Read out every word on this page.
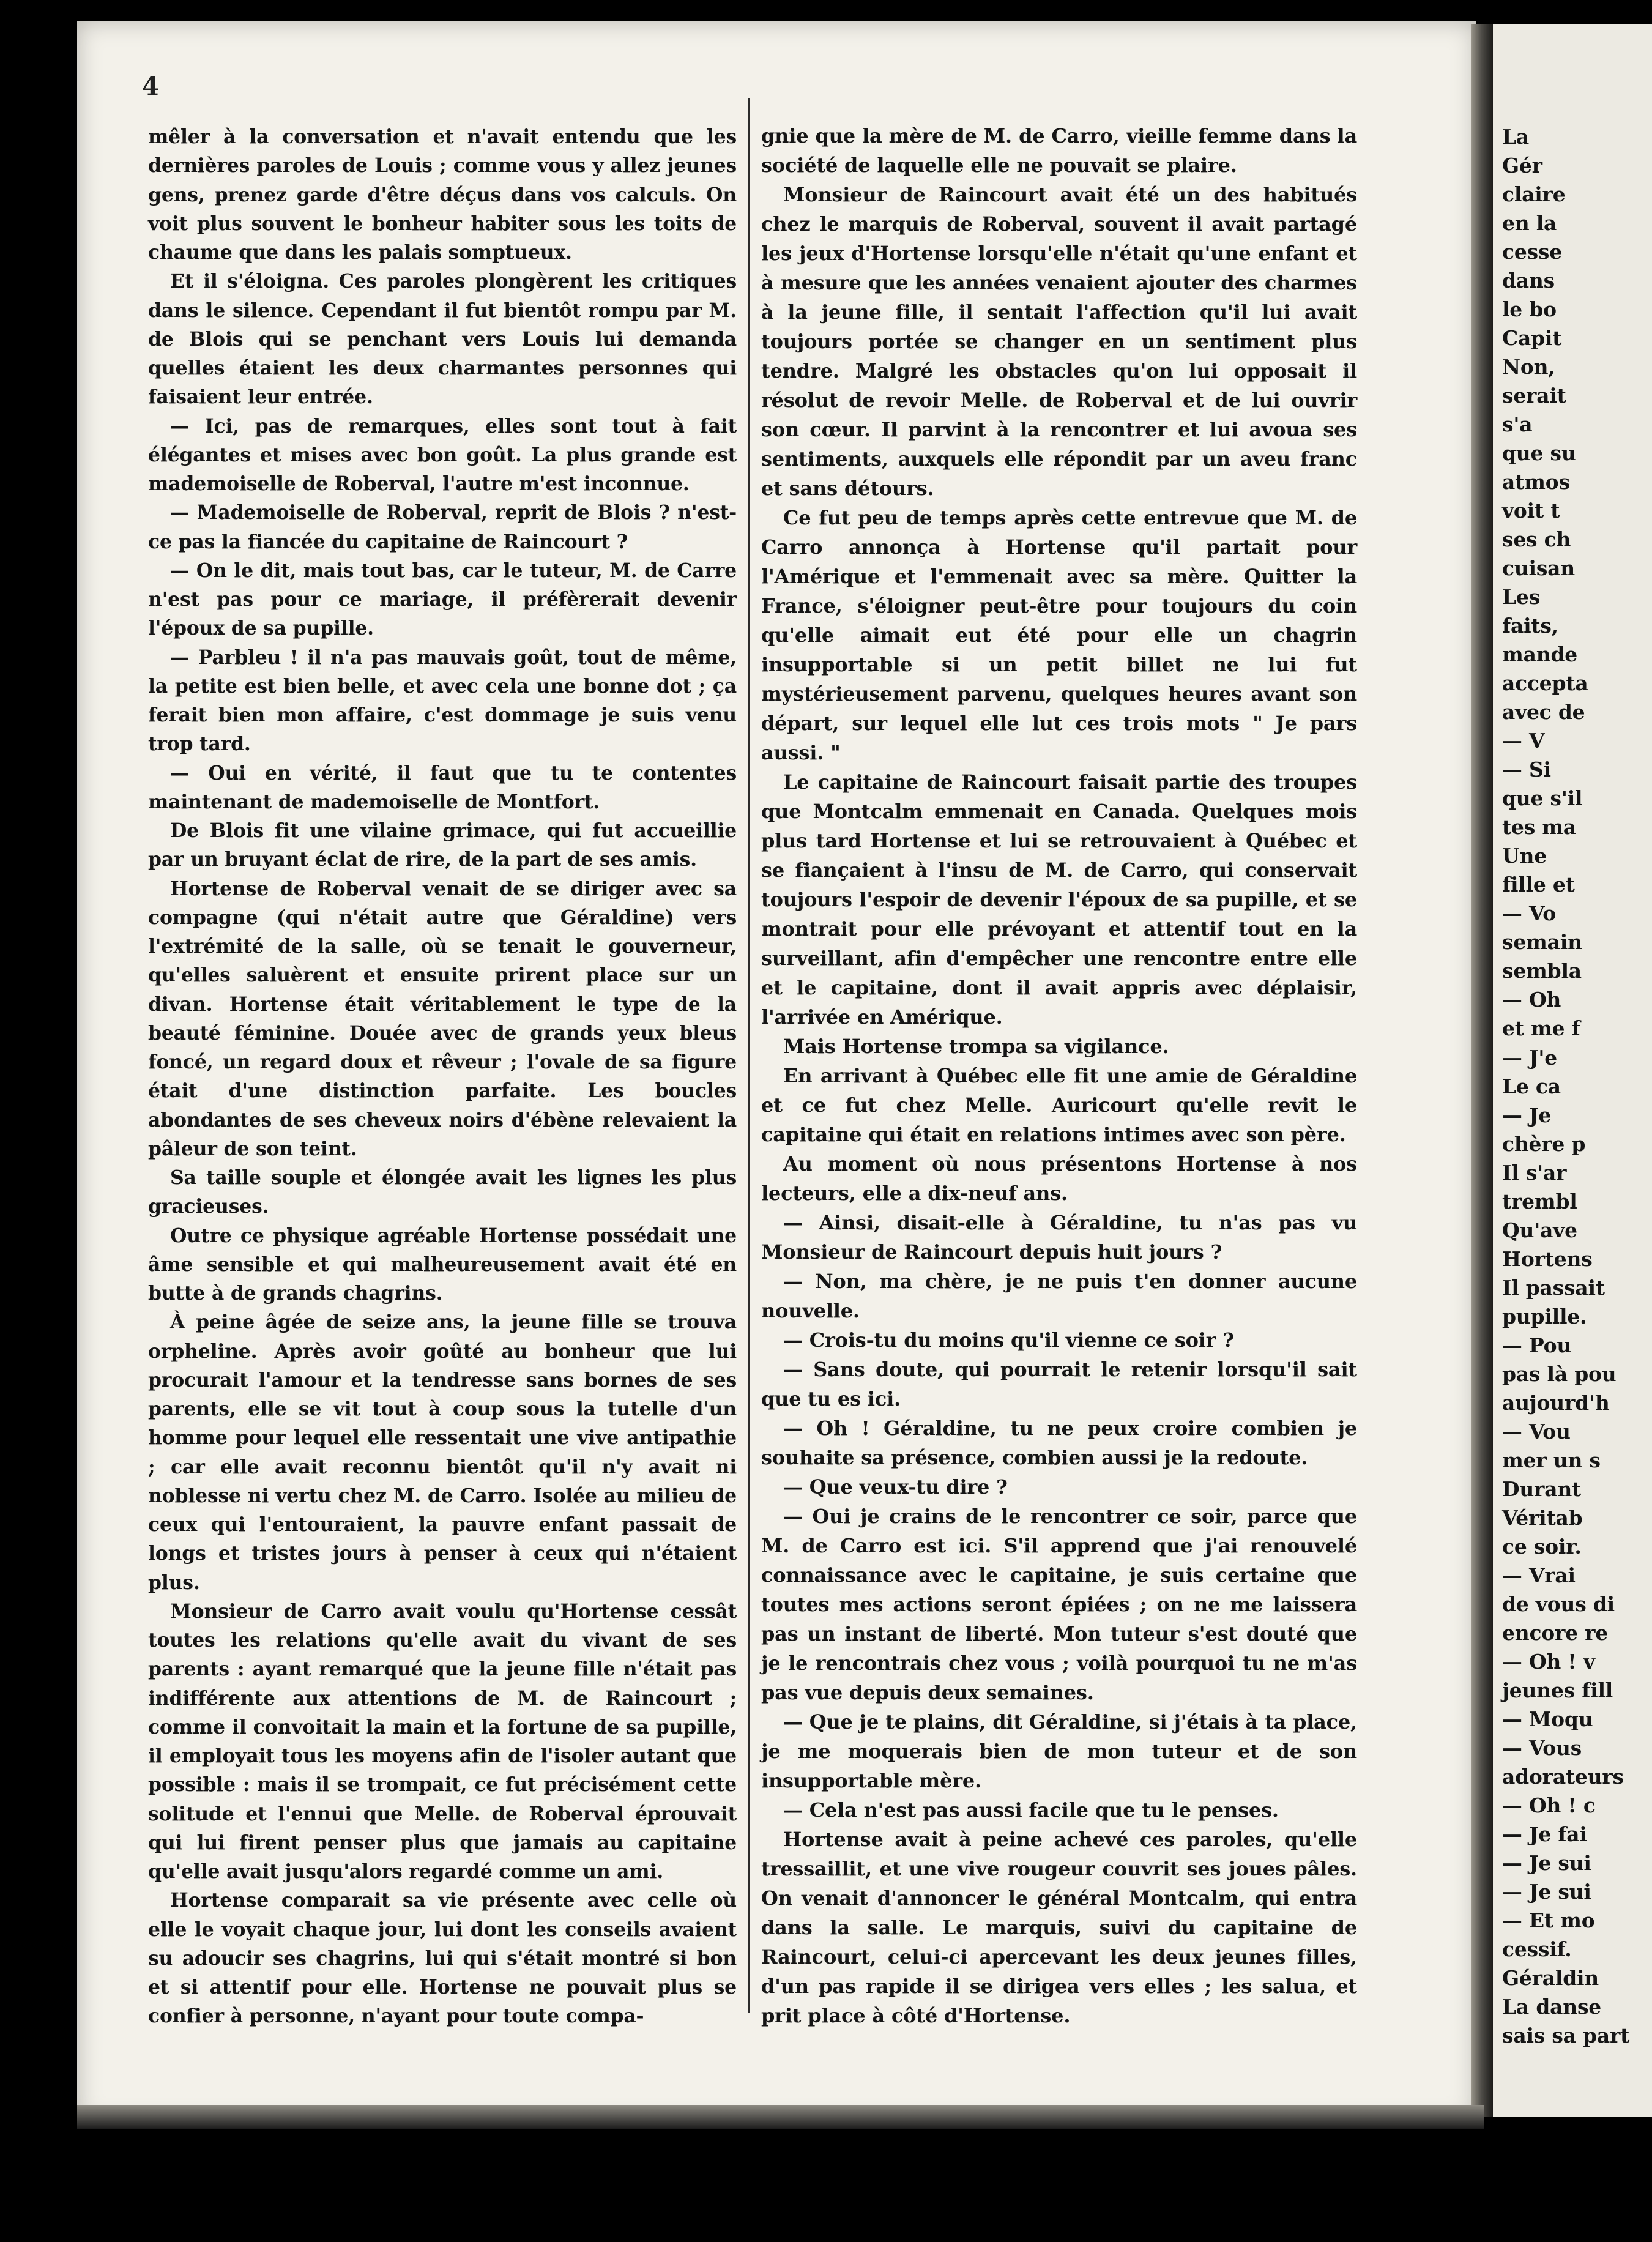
4

mêler à la conversation et n'avait entendu que les dernières paroles de Louis ; comme vous y allez jeunes gens, prenez garde d'être déçus dans vos calculs. On voit plus souvent le bonheur habiter sous les toits de chaume que dans les palais somptueux.

Et il s'éloigna. Ces paroles plongèrent les critiques dans le silence. Cependant il fut bientôt rompu par M. de Blois qui se penchant vers Louis lui demanda quelles étaient les deux charmantes personnes qui faisaient leur entrée.

— Ici, pas de remarques, elles sont tout à fait élégantes et mises avec bon goût. La plus grande est mademoiselle de Roberval, l'autre m'est inconnue.

— Mademoiselle de Roberval, reprit de Blois ? n'est-ce pas la fiancée du capitaine de Raincourt ?

— On le dit, mais tout bas, car le tuteur, M. de Carre n'est pas pour ce mariage, il préfèrerait devenir l'époux de sa pupille.

— Parbleu ! il n'a pas mauvais goût, tout de même, la petite est bien belle, et avec cela une bonne dot ; ça ferait bien mon affaire, c'est dommage je suis venu trop tard.

— Oui en vérité, il faut que tu te contentes maintenant de mademoiselle de Montfort.

De Blois fit une vilaine grimace, qui fut accueillie par un bruyant éclat de rire, de la part de ses amis.

Hortense de Roberval venait de se diriger avec sa compagne (qui n'était autre que Géraldine) vers l'extrémité de la salle, où se tenait le gouverneur, qu'elles saluèrent et ensuite prirent place sur un divan. Hortense était véritablement le type de la beauté féminine. Douée avec de grands yeux bleus foncé, un regard doux et rêveur ; l'ovale de sa figure était d'une distinction parfaite. Les boucles abondantes de ses cheveux noirs d'ébène relevaient la pâleur de son teint.

Sa taille souple et élongée avait les lignes les plus gracieuses.

Outre ce physique agréable Hortense possédait une âme sensible et qui malheureusement avait été en butte à de grands chagrins.

À peine âgée de seize ans, la jeune fille se trouva orpheline. Après avoir goûté au bonheur que lui procurait l'amour et la tendresse sans bornes de ses parents, elle se vit tout à coup sous la tutelle d'un homme pour lequel elle ressentait une vive antipathie ; car elle avait reconnu bientôt qu'il n'y avait ni noblesse ni vertu chez M. de Carro. Isolée au milieu de ceux qui l'entouraient, la pauvre enfant passait de longs et tristes jours à penser à ceux qui n'étaient plus.

Monsieur de Carro avait voulu qu'Hortense cessât toutes les relations qu'elle avait du vivant de ses parents : ayant remarqué que la jeune fille n'était pas indifférente aux attentions de M. de Raincourt ; comme il convoitait la main et la fortune de sa pupille, il employait tous les moyens afin de l'isoler autant que possible : mais il se trompait, ce fut précisément cette solitude et l'ennui que Melle. de Roberval éprouvait qui lui firent penser plus que jamais au capitaine qu'elle avait jusqu'alors regardé comme un ami.

Hortense comparait sa vie présente avec celle où elle le voyait chaque jour, lui dont les conseils avaient su adoucir ses chagrins, lui qui s'était montré si bon et si attentif pour elle. Hortense ne pouvait plus se confier à personne, n'ayant pour toute compa-

gnie que la mère de M. de Carro, vieille femme dans la société de laquelle elle ne pouvait se plaire.

Monsieur de Raincourt avait été un des habitués chez le marquis de Roberval, souvent il avait partagé les jeux d'Hortense lorsqu'elle n'était qu'une enfant et à mesure que les années venaient ajouter des charmes à la jeune fille, il sentait l'affection qu'il lui avait toujours portée se changer en un sentiment plus tendre. Malgré les obstacles qu'on lui opposait il résolut de revoir Melle. de Roberval et de lui ouvrir son cœur. Il parvint à la rencontrer et lui avoua ses sentiments, auxquels elle répondit par un aveu franc et sans détours.

Ce fut peu de temps après cette entrevue que M. de Carro annonça à Hortense qu'il partait pour l'Amérique et l'emmenait avec sa mère. Quitter la France, s'éloigner peut-être pour toujours du coin qu'elle aimait eut été pour elle un chagrin insupportable si un petit billet ne lui fut mystérieusement parvenu, quelques heures avant son départ, sur lequel elle lut ces trois mots " Je pars aussi. "

Le capitaine de Raincourt faisait partie des troupes que Montcalm emmenait en Canada. Quelques mois plus tard Hortense et lui se retrouvaient à Québec et se fiançaient à l'insu de M. de Carro, qui conservait toujours l'espoir de devenir l'époux de sa pupille, et se montrait pour elle prévoyant et attentif tout en la surveillant, afin d'empêcher une rencontre entre elle et le capitaine, dont il avait appris avec déplaisir, l'arrivée en Amérique.

Mais Hortense trompa sa vigilance.

En arrivant à Québec elle fit une amie de Géraldine et ce fut chez Melle. Auricourt qu'elle revit le capitaine qui était en relations intimes avec son père.

Au moment où nous présentons Hortense à nos lecteurs, elle a dix-neuf ans.

— Ainsi, disait-elle à Géraldine, tu n'as pas vu Monsieur de Raincourt depuis huit jours ?

— Non, ma chère, je ne puis t'en donner aucune nouvelle.

— Crois-tu du moins qu'il vienne ce soir ?

— Sans doute, qui pourrait le retenir lorsqu'il sait que tu es ici.

— Oh ! Géraldine, tu ne peux croire combien je souhaite sa présence, combien aussi je la redoute.

— Que veux-tu dire ?

— Oui je crains de le rencontrer ce soir, parce que M. de Carro est ici. S'il apprend que j'ai renouvelé connaissance avec le capitaine, je suis certaine que toutes mes actions seront épiées ; on ne me laissera pas un instant de liberté. Mon tuteur s'est douté que je le rencontrais chez vous ; voilà pourquoi tu ne m'as pas vue depuis deux semaines.

— Que je te plains, dit Géraldine, si j'étais à ta place, je me moquerais bien de mon tuteur et de son insupportable mère.

— Cela n'est pas aussi facile que tu le penses.

Hortense avait à peine achevé ces paroles, qu'elle tressaillit, et une vive rougeur couvrit ses joues pâles. On venait d'annoncer le général Montcalm, qui entra dans la salle. Le marquis, suivi du capitaine de Raincourt, celui-ci apercevant les deux jeunes filles, d'un pas rapide il se dirigea vers elles ; les salua, et prit place à côté d'Hortense.

La

Gér

claire

en la

cesse

dans

le bo

Capit

Non,

serait

s'a

que su

atmos

voit t

ses ch

cuisan

Les

faits,

mande

accepta

avec de

— V

— Si

que s'il

tes ma

Une

fille et

— Vo

semain

sembla

— Oh

et me f

— J'e

Le ca

— Je

chère p

Il s'ar

trembl

Qu'ave

Hortens

Il passait

pupille.

— Pou

pas là pou

aujourd'h

— Vou

mer un s

Durant

Véritab

ce soir.

— Vrai

de vous di

encore re

— Oh ! v

jeunes fill

— Moqu

— Vous

adorateurs

— Oh ! c

— Je fai

— Je sui

— Je sui

— Et mo

cessif.

Géraldin

La danse

sais sa part
